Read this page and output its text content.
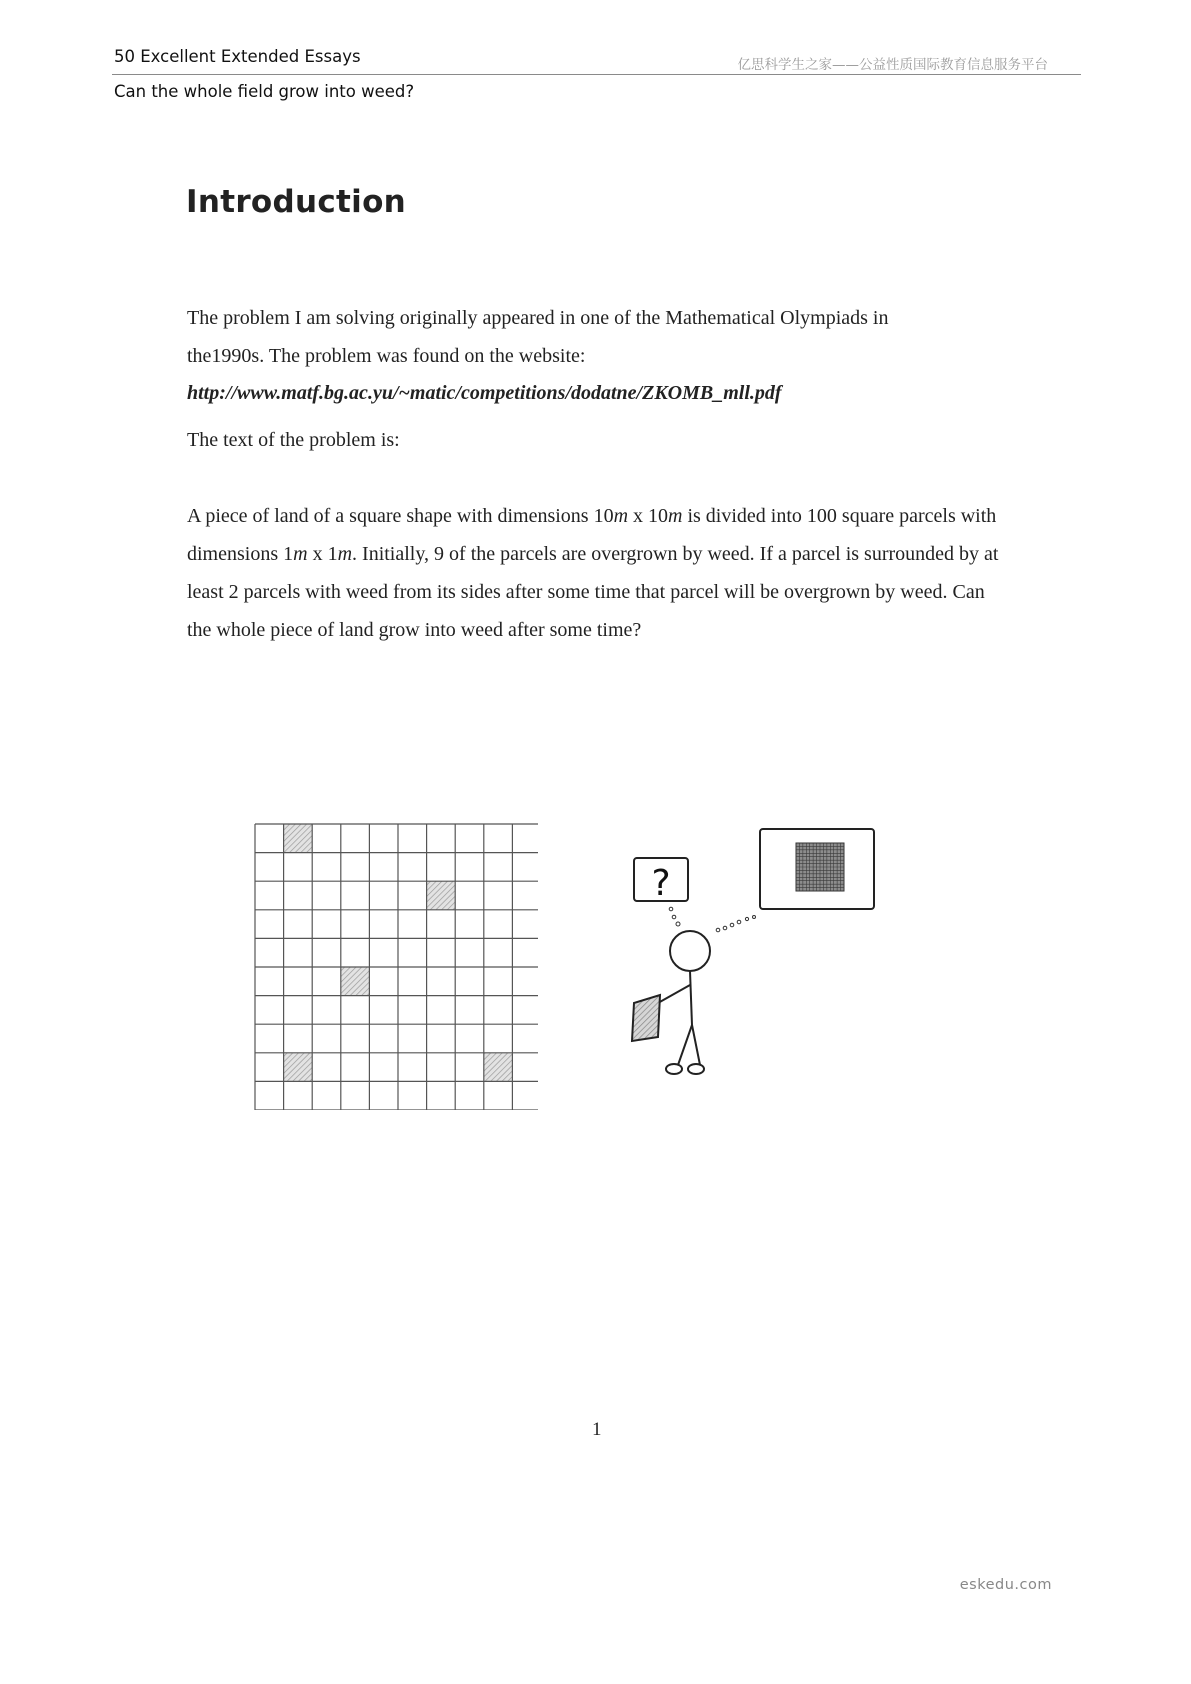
50 Excellent Extended Essays	亿思科学生之家——公益性质国际教育信息服务平台
Can the whole field grow into weed?
Introduction
The problem I am solving originally appeared in one of the Mathematical Olympiads in
the1990s. The problem was found on the website:
http://www.matf.bg.ac.yu/~matic/competitions/dodatne/ZKOMB_mll.pdf
The text of the problem is:
A piece of land of a square shape with dimensions 10m x 10m is divided into 100 square parcels with dimensions 1m x 1m. Initially, 9 of the parcels are overgrown by weed. If a parcel is surrounded by at least 2 parcels with weed from its sides after some time that parcel will be overgrown by weed. Can the whole piece of land grow into weed after some time?
?
1
eskedu.com
